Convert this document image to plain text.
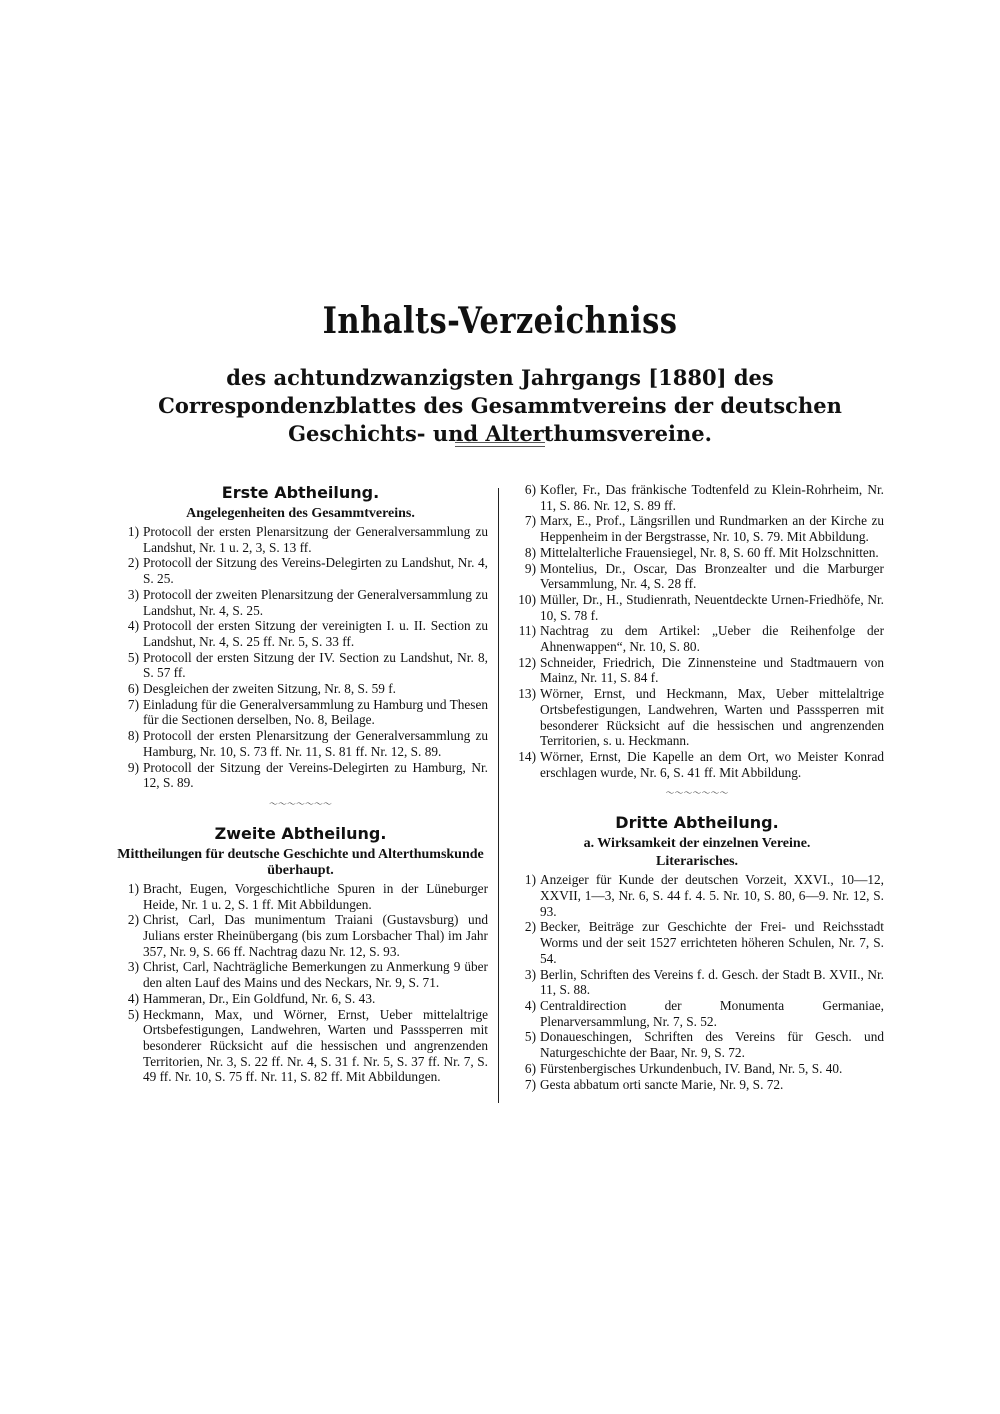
Inhalts-Verzeichniss
des achtundzwanzigsten Jahrgangs [1880] des Correspondenzblattes des Gesammtvereins der deutschen Geschichts- und Alterthumsvereine.
Erste Abtheilung.
Angelegenheiten des Gesammtvereins.
1) Protocoll der ersten Plenarsitzung der Generalversammlung zu Landshut, Nr. 1 u. 2, 3, S. 13 ff.
2) Protocoll der Sitzung des Vereins-Delegirten zu Landshut, Nr. 4, S. 25.
3) Protocoll der zweiten Plenarsitzung der Generalversammlung zu Landshut, Nr. 4, S. 25.
4) Protocoll der ersten Sitzung der vereinigten I. u. II. Section zu Landshut, Nr. 4, S. 25 ff. Nr. 5, S. 33 ff.
5) Protocoll der ersten Sitzung der IV. Section zu Landshut, Nr. 8, S. 57 ff.
6) Desgleichen der zweiten Sitzung, Nr. 8, S. 59 f.
7) Einladung für die Generalversammlung zu Hamburg und Thesen für die Sectionen derselben, No. 8, Beilage.
8) Protocoll der ersten Plenarsitzung der Generalversammlung zu Hamburg, Nr. 10, S. 73 ff. Nr. 11, S. 81 ff. Nr. 12, S. 89.
9) Protocoll der Sitzung der Vereins-Delegirten zu Hamburg, Nr. 12, S. 89.
～～～～～～～
Zweite Abtheilung.
Mittheilungen für deutsche Geschichte und Alterthumskunde überhaupt.
1) Bracht, Eugen, Vorgeschichtliche Spuren in der Lüneburger Heide, Nr. 1 u. 2, S. 1 ff. Mit Abbildungen.
2) Christ, Carl, Das munimentum Traiani (Gustavsburg) und Julians erster Rheinübergang (bis zum Lorsbacher Thal) im Jahr 357, Nr. 9, S. 66 ff. Nachtrag dazu Nr. 12, S. 93.
3) Christ, Carl, Nachträgliche Bemerkungen zu Anmerkung 9 über den alten Lauf des Mains und des Neckars, Nr. 9, S. 71.
4) Hammeran, Dr., Ein Goldfund, Nr. 6, S. 43.
5) Heckmann, Max, und Wörner, Ernst, Ueber mittelaltrige Ortsbefestigungen, Landwehren, Warten und Passsperren mit besonderer Rücksicht auf die hessischen und angrenzenden Territorien, Nr. 3, S. 22 ff. Nr. 4, S. 31 f. Nr. 5, S. 37 ff. Nr. 7, S. 49 ff. Nr. 10, S. 75 ff. Nr. 11, S. 82 ff. Mit Abbildungen.
6) Kofler, Fr., Das fränkische Todtenfeld zu Klein-Rohrheim, Nr. 11, S. 86. Nr. 12, S. 89 ff.
7) Marx, E., Prof., Längsrillen und Rundmarken an der Kirche zu Heppenheim in der Bergstrasse, Nr. 10, S. 79. Mit Abbildung.
8) Mittelalterliche Frauensiegel, Nr. 8, S. 60 ff. Mit Holzschnitten.
9) Montelius, Dr., Oscar, Das Bronzealter und die Marburger Versammlung, Nr. 4, S. 28 ff.
10) Müller, Dr., H., Studienrath, Neuentdeckte Urnen-Friedhöfe, Nr. 10, S. 78 f.
11) Nachtrag zu dem Artikel: „Ueber die Reihenfolge der Ahnenwappen“, Nr. 10, S. 80.
12) Schneider, Friedrich, Die Zinnensteine und Stadtmauern von Mainz, Nr. 11, S. 84 f.
13) Wörner, Ernst, und Heckmann, Max, Ueber mittelaltrige Ortsbefestigungen, Landwehren, Warten und Passsperren mit besonderer Rücksicht auf die hessischen und angrenzenden Territorien, s. u. Heckmann.
14) Wörner, Ernst, Die Kapelle an dem Ort, wo Meister Konrad erschlagen wurde, Nr. 6, S. 41 ff. Mit Abbildung.
～～～～～～～
Dritte Abtheilung.
a. Wirksamkeit der einzelnen Vereine.
Literarisches.
1) Anzeiger für Kunde der deutschen Vorzeit, XXVI., 10—12, XXVII, 1—3, Nr. 6, S. 44 f. 4. 5. Nr. 10, S. 80, 6—9. Nr. 12, S. 93.
2) Becker, Beiträge zur Geschichte der Frei- und Reichsstadt Worms und der seit 1527 errichteten höheren Schulen, Nr. 7, S. 54.
3) Berlin, Schriften des Vereins f. d. Gesch. der Stadt B. XVII., Nr. 11, S. 88.
4) Centraldirection der Monumenta Germaniae, Plenarversammlung, Nr. 7, S. 52.
5) Donaueschingen, Schriften des Vereins für Gesch. und Naturgeschichte der Baar, Nr. 9, S. 72.
6) Fürstenbergisches Urkundenbuch, IV. Band, Nr. 5, S. 40.
7) Gesta abbatum orti sancte Marie, Nr. 9, S. 72.
